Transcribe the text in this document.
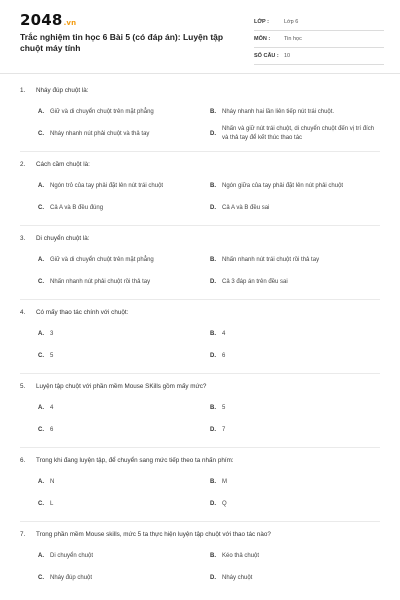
2048.vn
Trắc nghiệm tin học 6 Bài 5 (có đáp án): Luyện tập chuột máy tính
LỚP :	Lớp 6
MÔN :	Tin học
SỐ CÂU : 10
1.	Nháy đúp chuột là:
A.	Giữ và di chuyển chuột trên mặt phẳng	B.	Nháy nhanh hai lần liên tiếp nút trái chuột.
C.	Nháy nhanh nút phải chuột và thả tay	D.
Nhấn và giữ nút trái chuột, di chuyển chuột đến vị trí đích và thả tay để kết thúc thao tác
2.	Cách cầm chuột là:
A.	Ngón trỏ của tay phải đặt lên nút trái chuột	B.	Ngón giữa của tay phải đặt lên nút phải chuột
C.	Cả A và B đều đúng	D.	Cả A và B đều sai
3.	Di chuyển chuột là:
A.	Giữ và di chuyển chuột trên mặt phẳng	B.	Nhấn nhanh nút trái chuột rồi thả tay
C.	Nhấn nhanh nút phải chuột rồi thả tay	D.	Cả 3 đáp án trên đều sai
4.	Có mấy thao tác chính với chuột:
A.	3	B.	4
C.	5	D.	6
5.	Luyện tập chuột với phần mềm Mouse SKills gồm mấy mức?
A.	4	B.	5
C.	6	D.	7
6.	Trong khi đang luyện tập, để chuyển sang mức tiếp theo ta nhấn phím:
A.	N	B.	M
C.	L	D.	Q
7.	Trong phần mềm Mouse skills, mức 5 ta thực hiện luyện tập chuột với thao tác nào?
A.	Di chuyển chuột	B.	Kéo thả chuột
C.	Nháy đúp chuột	D.	Nháy chuột
